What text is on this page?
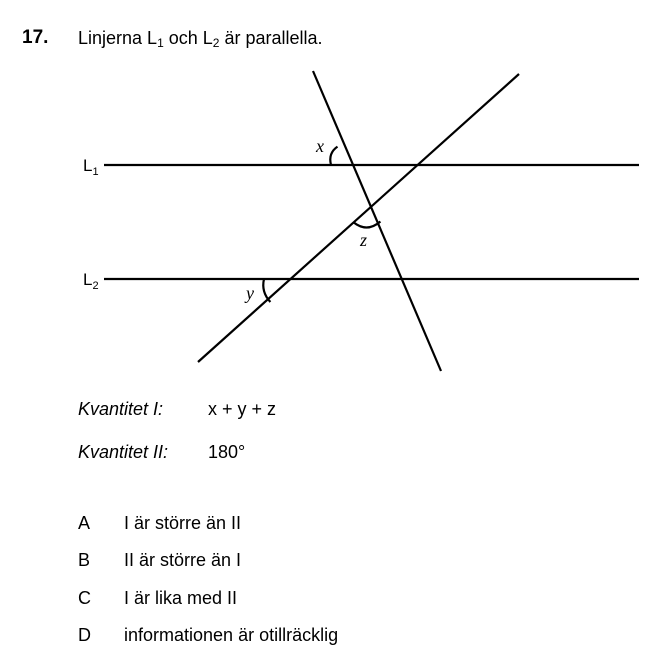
17. Linjerna $L_1$ och $L_2$ är parallella.
$L_1$
$L_2$
x
z
y
Kvantitet I: x + y + z
Kvantitet II: 180°
A I är större än II
B II är större än I
C I är lika med II
D informationen är otillräcklig
